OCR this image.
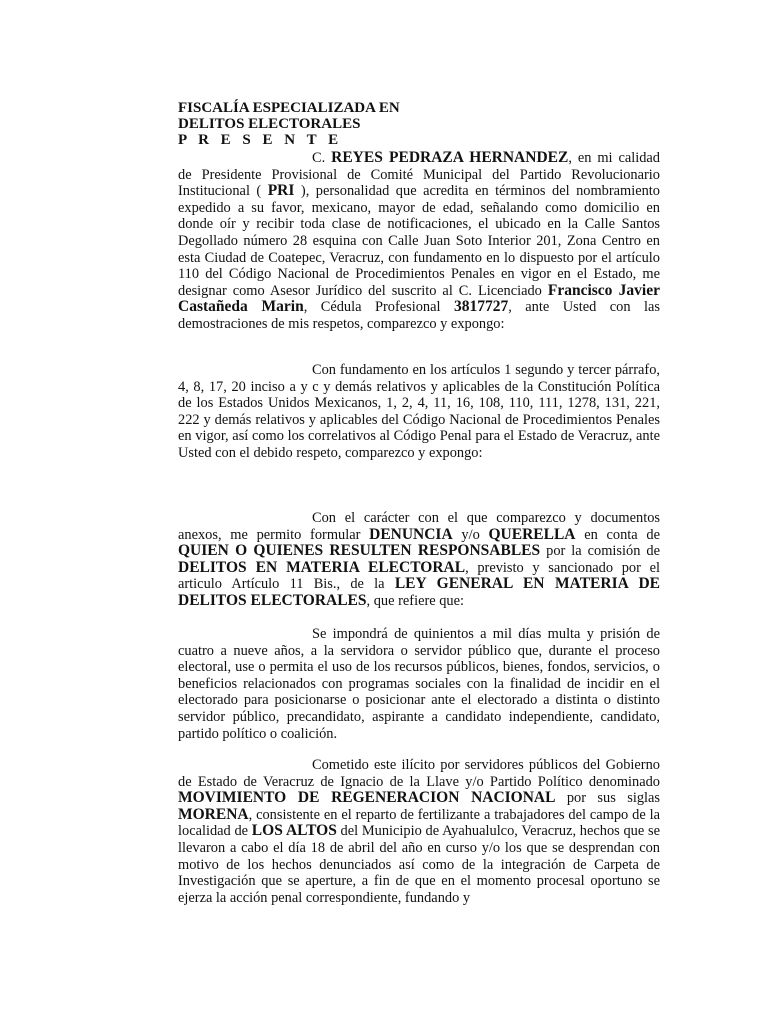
FISCALÍA ESPECIALIZADA EN
DELITOS ELECTORALES
P R E S E N T E

C. REYES PEDRAZA HERNANDEZ, en mi calidad de Presidente Provisional de Comité Municipal del Partido Revolucionario Institucional ( PRI ), personalidad que acredita en términos del nombramiento expedido a su favor, mexicano, mayor de edad, señalando como domicilio en donde oír y recibir toda clase de notificaciones, el ubicado en la Calle Santos Degollado número 28 esquina con Calle Juan Soto Interior 201, Zona Centro en esta Ciudad de Coatepec, Veracruz, con fundamento en lo dispuesto por el artículo 110 del Código Nacional de Procedimientos Penales en vigor en el Estado, me designar como Asesor Jurídico del suscrito al C. Licenciado Francisco Javier Castañeda Marin, Cédula Profesional 3817727, ante Usted con las demostraciones de mis respetos, comparezco y expongo:

Con fundamento en los artículos 1 segundo y tercer párrafo, 4, 8, 17, 20 inciso a y c y demás relativos y aplicables de la Constitución Política de los Estados Unidos Mexicanos, 1, 2, 4, 11, 16, 108, 110, 111, 1278, 131, 221, 222 y demás relativos y aplicables del Código Nacional de Procedimientos Penales en vigor, así como los correlativos al Código Penal para el Estado de Veracruz, ante Usted con el debido respeto, comparezco y expongo:

Con el carácter con el que comparezco y documentos anexos, me permito formular DENUNCIA y/o QUERELLA en conta de QUIEN O QUIENES RESULTEN RESPONSABLES por la comisión de DELITOS EN MATERIA ELECTORAL, previsto y sancionado por el articulo Artículo 11 Bis., de la LEY GENERAL EN MATERIA DE DELITOS ELECTORALES, que refiere que:

Se impondrá de quinientos a mil días multa y prisión de cuatro a nueve años, a la servidora o servidor público que, durante el proceso electoral, use o permita el uso de los recursos públicos, bienes, fondos, servicios, o beneficios relacionados con programas sociales con la finalidad de incidir en el electorado para posicionarse o posicionar ante el electorado a distinta o distinto servidor público, precandidato, aspirante a candidato independiente, candidato, partido político o coalición.

Cometido este ilícito por servidores públicos del Gobierno de Estado de Veracruz de Ignacio de la Llave y/o Partido Político denominado MOVIMIENTO DE REGENERACION NACIONAL por sus siglas MORENA, consistente en el reparto de fertilizante a trabajadores del campo de la localidad de LOS ALTOS del Municipio de Ayahualulco, Veracruz, hechos que se llevaron a cabo el día 18 de abril del año en curso y/o los que se desprendan con motivo de los hechos denunciados así como de la integración de Carpeta de Investigación que se aperture, a fin de que en el momento procesal oportuno se ejerza la acción penal correspondiente, fundando y
